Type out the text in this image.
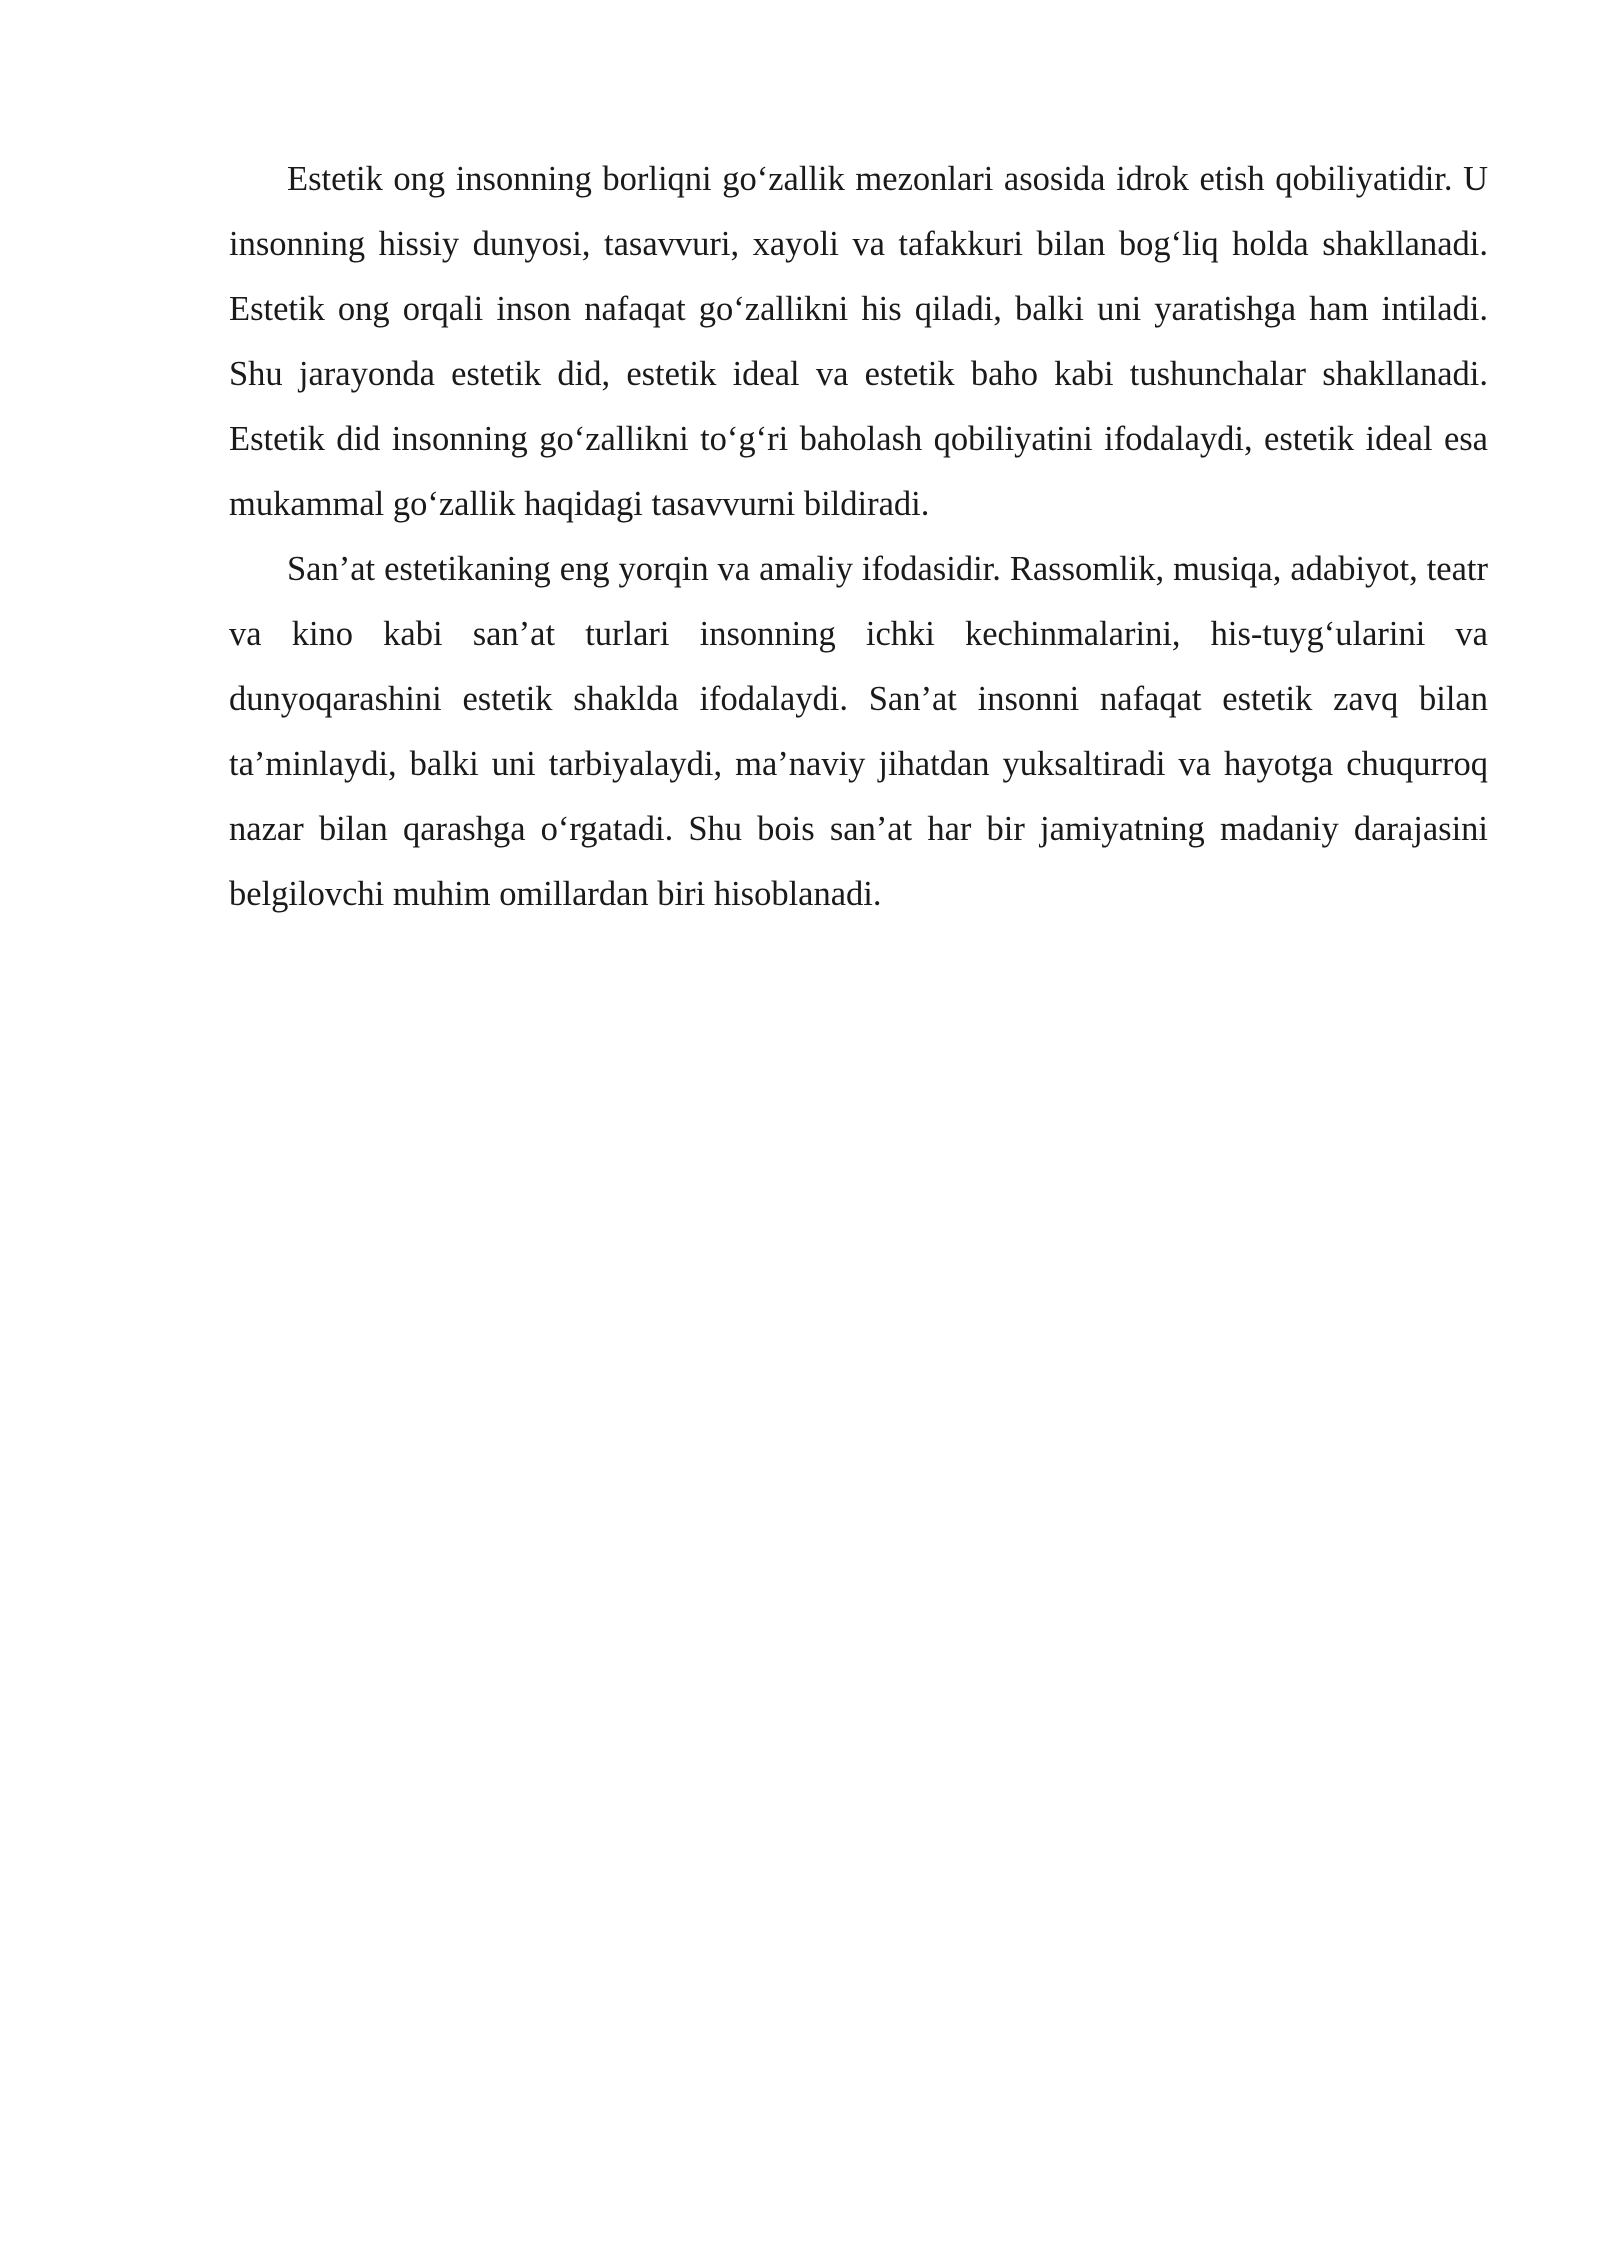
Estetik ong insonning borliqni go‘zallik mezonlari asosida idrok etish qobiliyatidir. U insonning hissiy dunyosi, tasavvuri, xayoli va tafakkuri bilan bog‘liq holda shakllanadi. Estetik ong orqali inson nafaqat go‘zallikni his qiladi, balki uni yaratishga ham intiladi. Shu jarayonda estetik did, estetik ideal va estetik baho kabi tushunchalar shakllanadi. Estetik did insonning go‘zallikni to‘g‘ri baholash qobiliyatini ifodalaydi, estetik ideal esa mukammal go‘zallik haqidagi tasavvurni bildiradi.

San’at estetikaning eng yorqin va amaliy ifodasidir. Rassomlik, musiqa, adabiyot, teatr va kino kabi san’at turlari insonning ichki kechinmalarini, his-tuyg‘ularini va dunyoqarashini estetik shaklda ifodalaydi. San’at insonni nafaqat estetik zavq bilan ta’minlaydi, balki uni tarbiyalaydi, ma’naviy jihatdan yuksaltiradi va hayotga chuqurroq nazar bilan qarashga o‘rgatadi. Shu bois san’at har bir jamiyatning madaniy darajasini belgilovchi muhim omillardan biri hisoblanadi.
